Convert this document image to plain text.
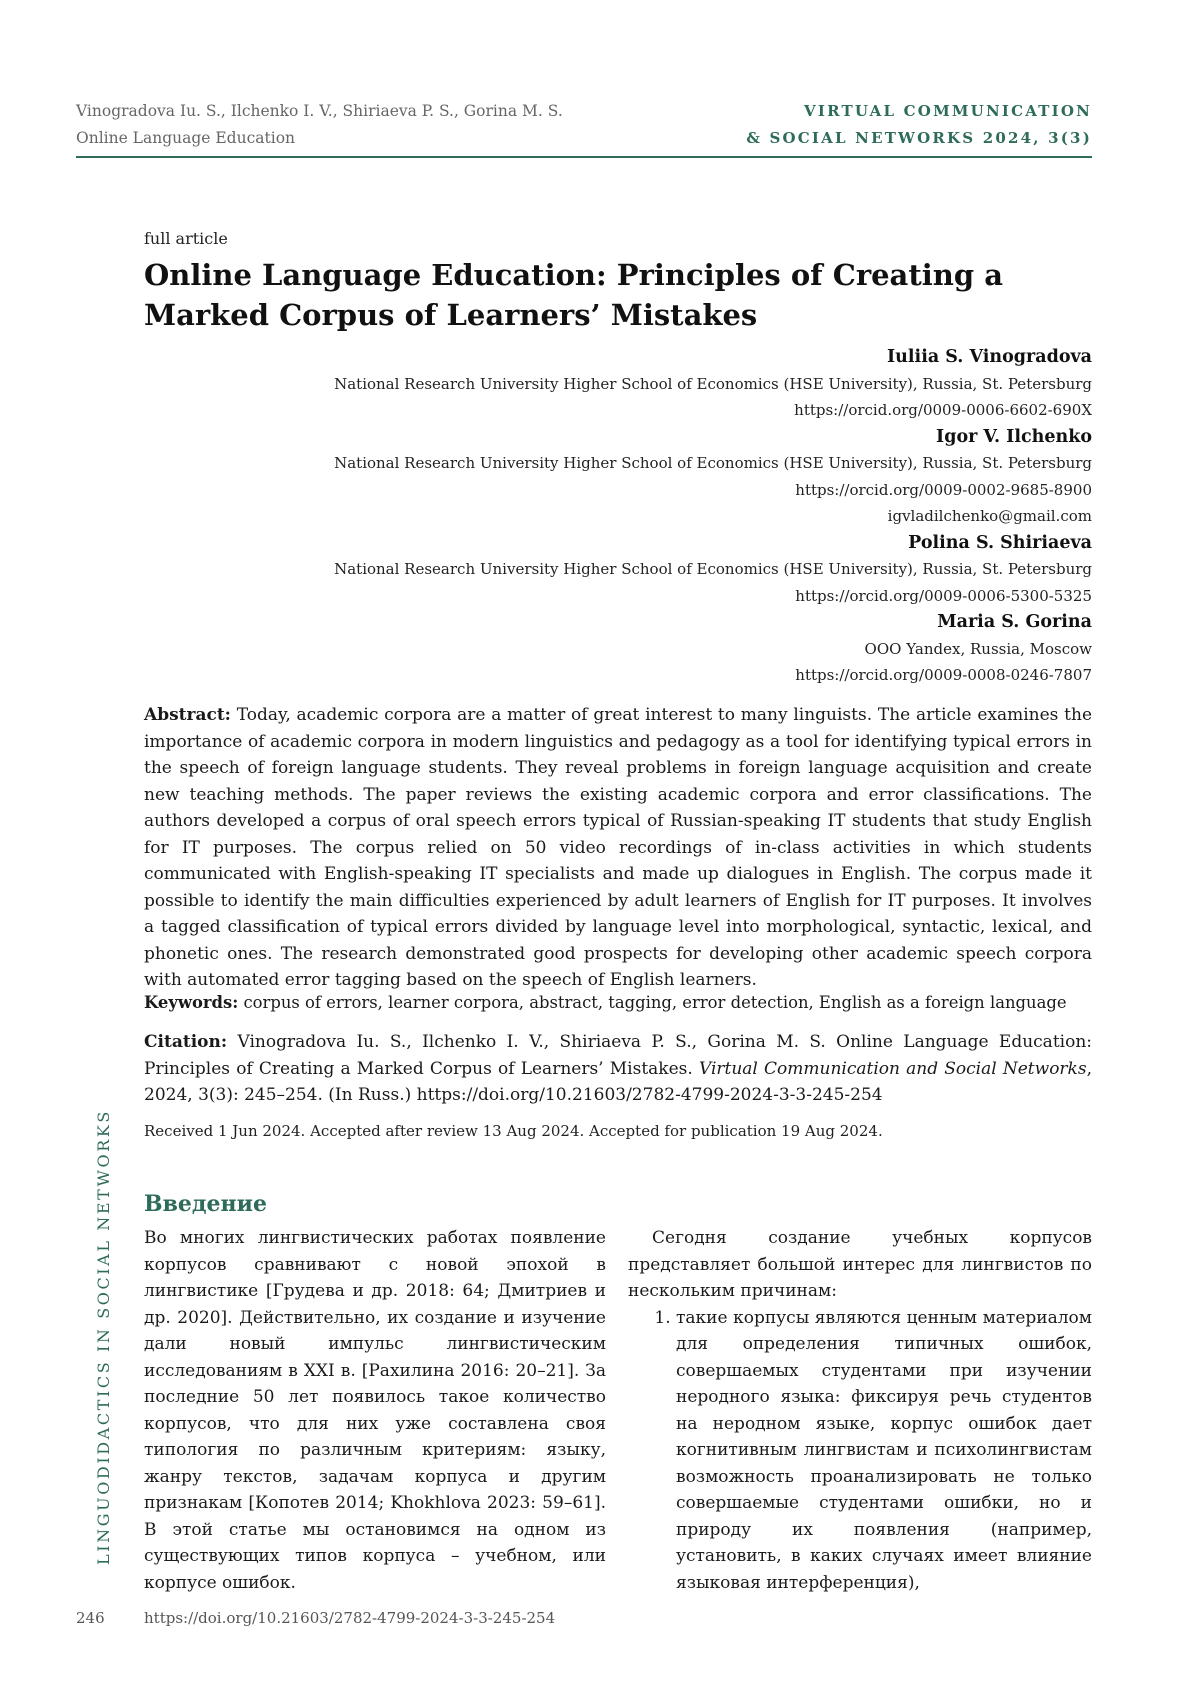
Vinogradova Iu. S., Ilchenko I. V., Shiriaeva P. S., Gorina M. S.
Online Language Education
VIRTUAL COMMUNICATION
& SOCIAL NETWORKS 2024, 3(3)
full article
Online Language Education: Principles of Creating a Marked Corpus of Learners’ Mistakes
Iuliia S. Vinogradova
National Research University Higher School of Economics (HSE University), Russia, St. Petersburg
https://orcid.org/0009-0006-6602-690X
Igor V. Ilchenko
National Research University Higher School of Economics (HSE University), Russia, St. Petersburg
https://orcid.org/0009-0002-9685-8900
igvladilchenko@gmail.com
Polina S. Shiriaeva
National Research University Higher School of Economics (HSE University), Russia, St. Petersburg
https://orcid.org/0009-0006-5300-5325
Maria S. Gorina
OOO Yandex, Russia, Moscow
https://orcid.org/0009-0008-0246-7807

Abstract: Today, academic corpora are a matter of great interest to many linguists. The article examines the importance of academic corpora in modern linguistics and pedagogy as a tool for identifying typical errors in the speech of foreign language students. They reveal problems in foreign language acquisition and create new teaching methods. The paper reviews the existing academic corpora and error classifications. The authors developed a corpus of oral speech errors typical of Russian-speaking IT students that study English for IT purposes. The corpus relied on 50 video recordings of in-class activities in which students communicated with English-speaking IT specialists and made up dialogues in English. The corpus made it possible to identify the main difficulties experienced by adult learners of English for IT purposes. It involves a tagged classification of typical errors divided by language level into morphological, syntactic, lexical, and phonetic ones. The research demonstrated good prospects for developing other academic speech corpora with automated error tagging based on the speech of English learners.

Keywords: corpus of errors, learner corpora, abstract, tagging, error detection, English as a foreign language

Citation: Vinogradova Iu. S., Ilchenko I. V., Shiriaeva P. S., Gorina M. S. Online Language Education: Principles of Creating a Marked Corpus of Learners’ Mistakes. Virtual Communication and Social Networks, 2024, 3(3): 245–254. (In Russ.) https://doi.org/10.21603/2782-4799-2024-3-3-245-254

Received 1 Jun 2024. Accepted after review 13 Aug 2024. Accepted for publication 19 Aug 2024.
LINGUODIDACTICS IN SOCIAL NETWORKS Введение

Во многих лингвистических работах появление корпусов сравнивают с новой эпохой в лингвистике [Грудева и др. 2018: 64; Дмитриев и др. 2020]. Действительно, их создание и изучение дали новый импульс лингвистическим исследованиям в XXI в. [Рахилина 2016: 20–21]. За последние 50 лет появилось такое количество корпусов, что для них уже составлена своя типология по различным критериям: языку, жанру текстов, задачам корпуса и другим признакам [Копотев 2014; Khokhlova 2023: 59–61]. В этой статье мы остановимся на одном из существующих типов корпуса – учебном, или корпусе ошибок.

Сегодня создание учебных корпусов представляет большой интерес для лингвистов по нескольким причинам:

1. такие корпусы являются ценным материалом для определения типичных ошибок, совершаемых студентами при изучении неродного языка: фиксируя речь студентов на неродном языке, корпус ошибок дает когнитивным лингвистам и психолингвистам возможность проанализировать не только совершаемые студентами ошибки, но и природу их появления (например, установить, в каких случаях имеет влияние языковая интерференция),
246	https://doi.org/10.21603/2782-4799-2024-3-3-245-254
